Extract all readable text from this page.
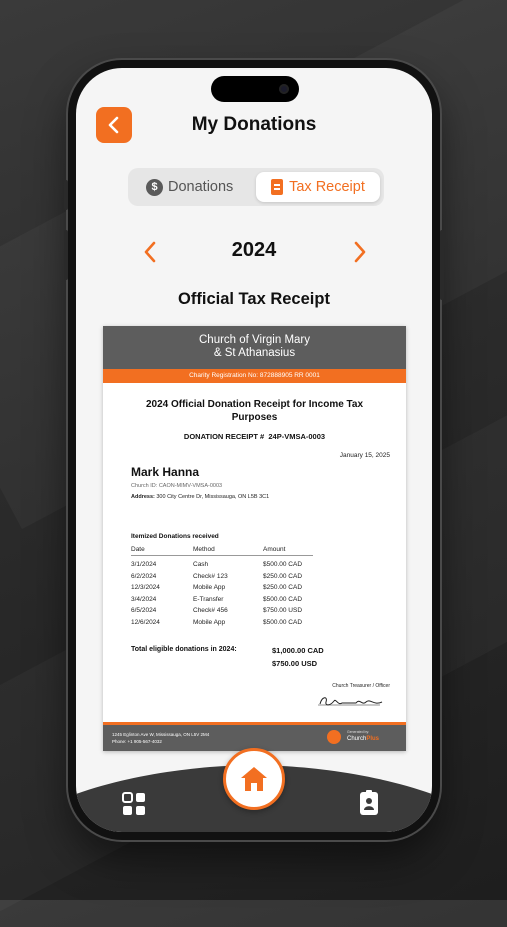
My Donations
$ Donations	Tax Receipt
2024
Official Tax Receipt
Church of Virgin Mary
& St Athanasius
Charity Registration No: 872888905 RR 0001
2024 Official Donation Receipt for Income Tax Purposes
DONATION RECEIPT # 24P-VMSA-0003
January 15, 2025
Mark Hanna
Church ID: CAON-MIMV-VMSA-0003
Address: 300 City Centre Dr, Mississauga, ON L5B 3C1
Itemized Donations received
Date	Method	Amount
3/1/2024	Cash	$500.00 CAD
6/2/2024	Check# 123	$250.00 CAD
12/3/2024	Mobile App	$250.00 CAD
3/4/2024	E-Transfer	$500.00 CAD
6/5/2024	Check# 456	$750.00 USD
12/6/2024	Mobile App	$500.00 CAD
Total eligible donations in 2024:	$1,000.00 CAD
$750.00 USD
Church Treasurer / Officer
1245 Eglinton Ave W, Mississauga, ON L5V 2M4
Phone: +1 905-567-4032
Generated by:
ChurchPlus
